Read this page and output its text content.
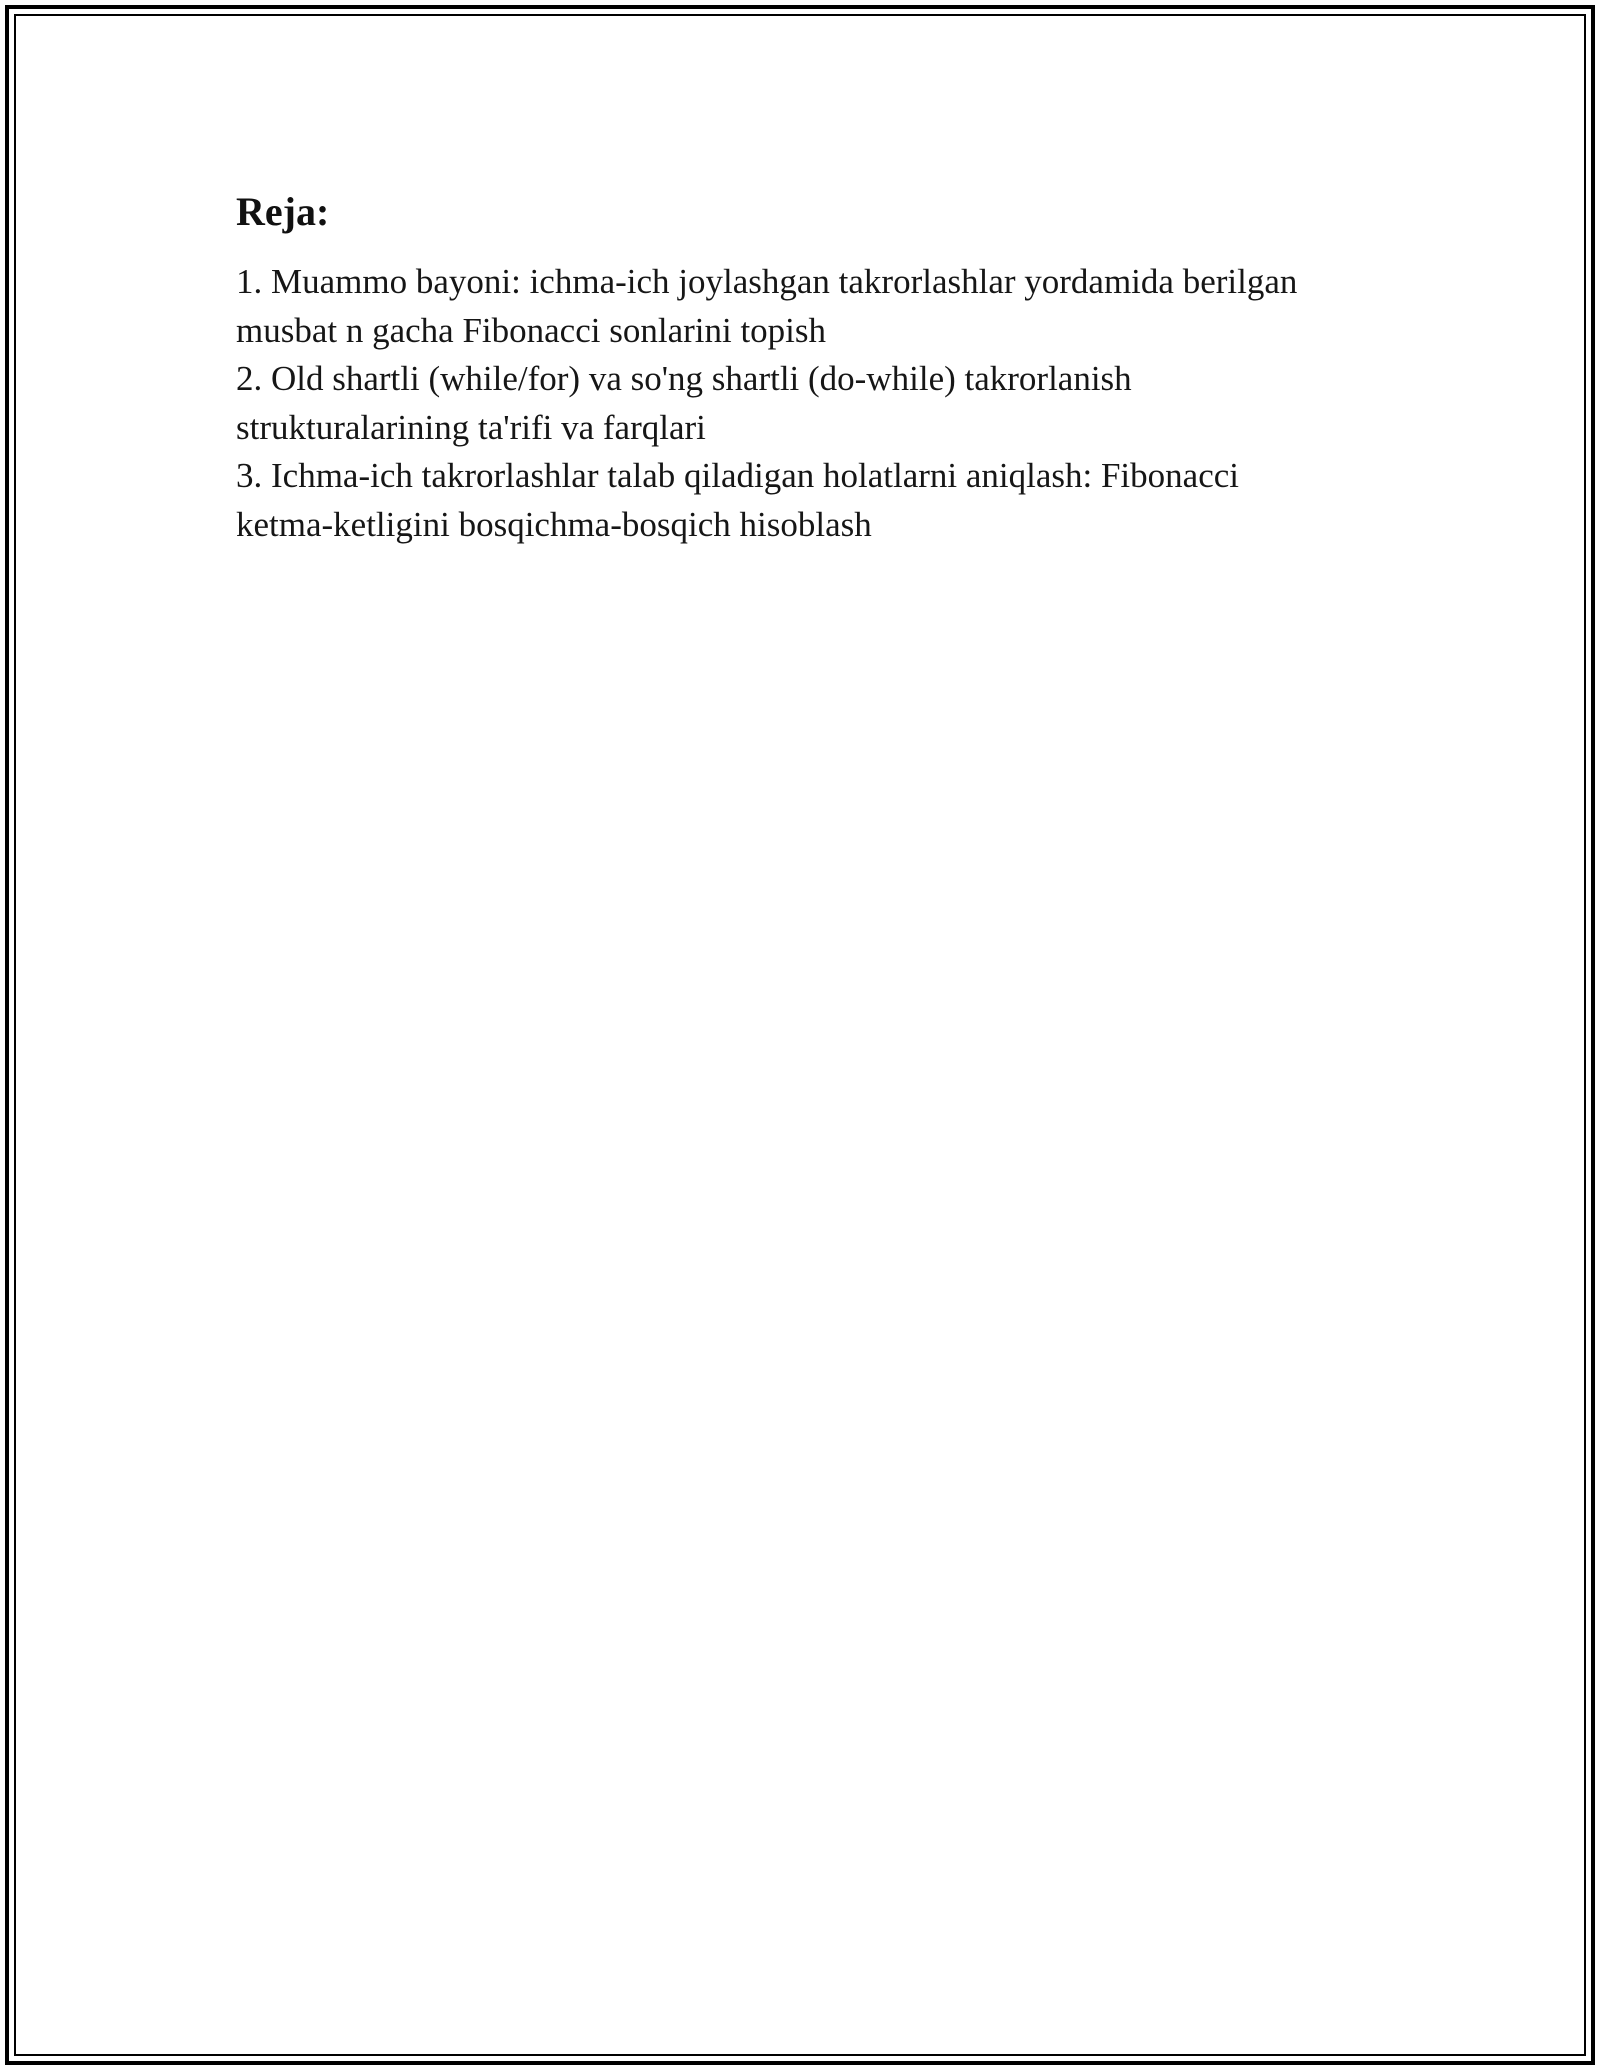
Reja:
1. Muammo bayoni: ichma-ich joylashgan takrorlashlar yordamida berilgan
musbat n gacha Fibonacci sonlarini topish
2. Old shartli (while/for) va so'ng shartli (do-while) takrorlanish
strukturalarining ta'rifi va farqlari
3. Ichma-ich takrorlashlar talab qiladigan holatlarni aniqlash: Fibonacci
ketma-ketligini bosqichma-bosqich hisoblash
